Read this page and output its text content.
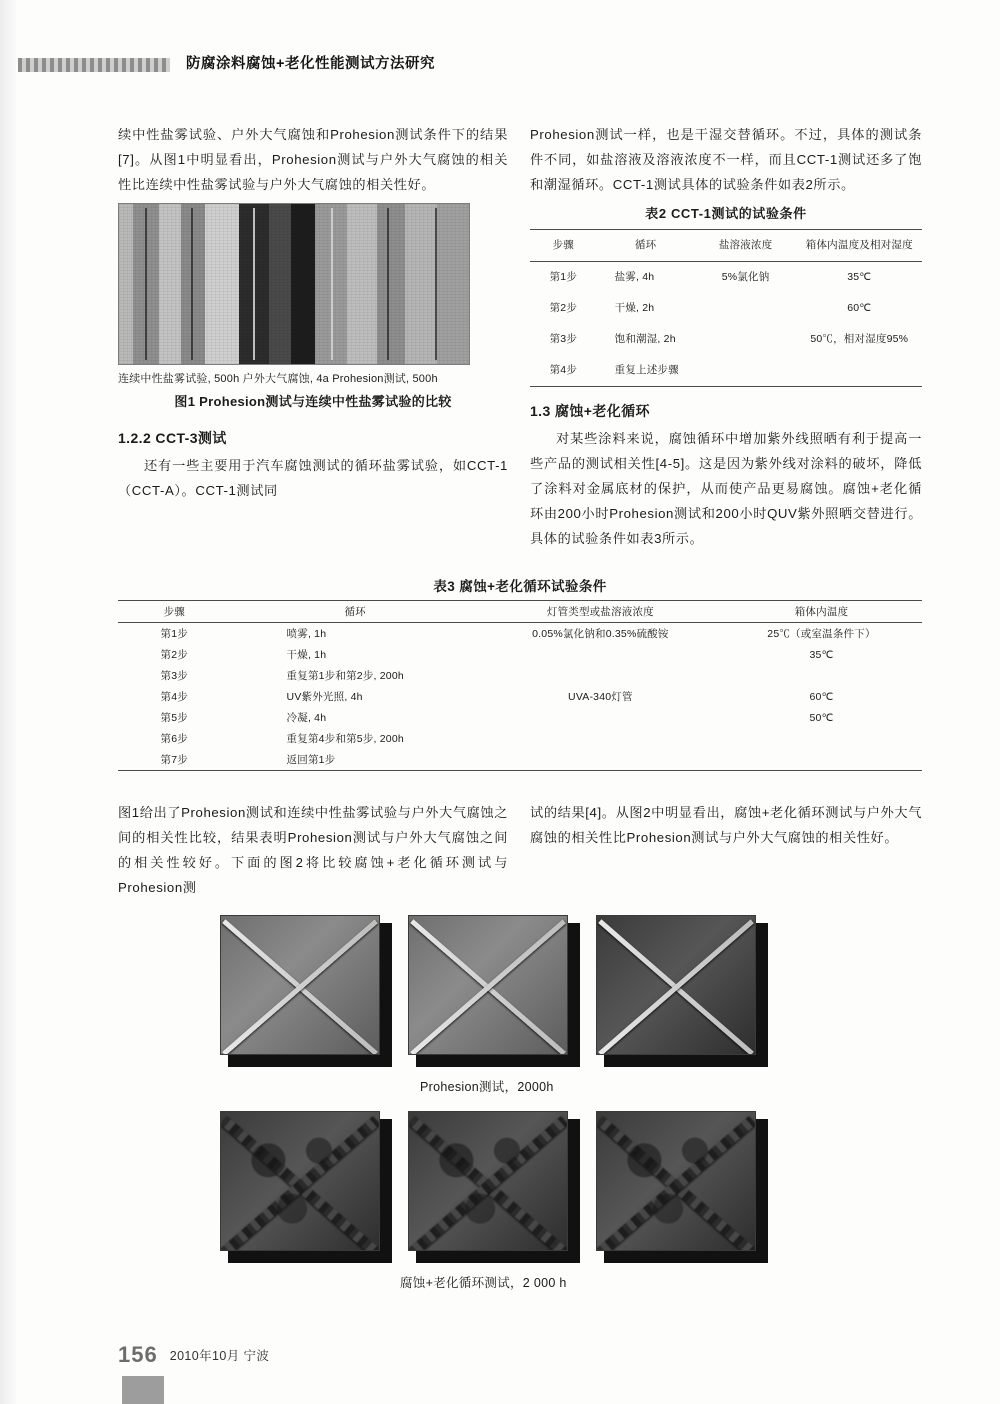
防腐涂料腐蚀+老化性能测试方法研究

续中性盐雾试验、户外大气腐蚀和Prohesion测试条件下的结果[7]。从图1中明显看出，Prohesion测试与户外大气腐蚀的相关性比连续中性盐雾试验与户外大气腐蚀的相关性好。

连续中性盐雾试验, 500h 户外大气腐蚀, 4a Prohesion测试, 500h
图1 Prohesion测试与连续中性盐雾试验的比较
1.2.2 CCT-3测试

还有一些主要用于汽车腐蚀测试的循环盐雾试验，如CCT-1（CCT-A）。CCT-1测试同

Prohesion测试一样，也是干湿交替循环。不过，具体的测试条件不同，如盐溶液及溶液浓度不一样，而且CCT-1测试还多了饱和潮湿循环。CCT-1测试具体的试验条件如表2所示。

表2 CCT-1测试的试验条件
步骤	循环	盐溶液浓度	箱体内温度及相对湿度
第1步	盐雾, 4h	5%氯化钠	35℃
第2步	干燥, 2h		60℃
第3步	饱和潮湿, 2h		50℃，相对湿度95%
第4步	重复上述步骤		
1.3 腐蚀+老化循环

对某些涂料来说，腐蚀循环中增加紫外线照晒有利于提高一些产品的测试相关性[4-5]。这是因为紫外线对涂料的破坏，降低了涂料对金属底材的保护，从而使产品更易腐蚀。腐蚀+老化循环由200小时Prohesion测试和200小时QUV紫外照晒交替进行。具体的试验条件如表3所示。

表3 腐蚀+老化循环试验条件
步骤	循环	灯管类型或盐溶液浓度	箱体内温度
第1步	喷雾, 1h	0.05%氯化钠和0.35%硫酸铵	25℃（或室温条件下）
第2步	干燥, 1h		35℃
第3步	重复第1步和第2步, 200h		
第4步	UV紫外光照, 4h	UVA-340灯管	60℃
第5步	冷凝, 4h		50℃
第6步	重复第4步和第5步, 200h		
第7步	返回第1步		
图1给出了Prohesion测试和连续中性盐雾试验与户外大气腐蚀之间的相关性比较，结果表明Prohesion测试与户外大气腐蚀之间的相关性较好。下面的图2将比较腐蚀+老化循环测试与Prohesion测
试的结果[4]。从图2中明显看出，腐蚀+老化循环测试与户外大气腐蚀的相关性比Prohesion测试与户外大气腐蚀的相关性好。
Prohesion测试，2000h
腐蚀+老化循环测试，2 000 h
156 2010年10月 宁波
